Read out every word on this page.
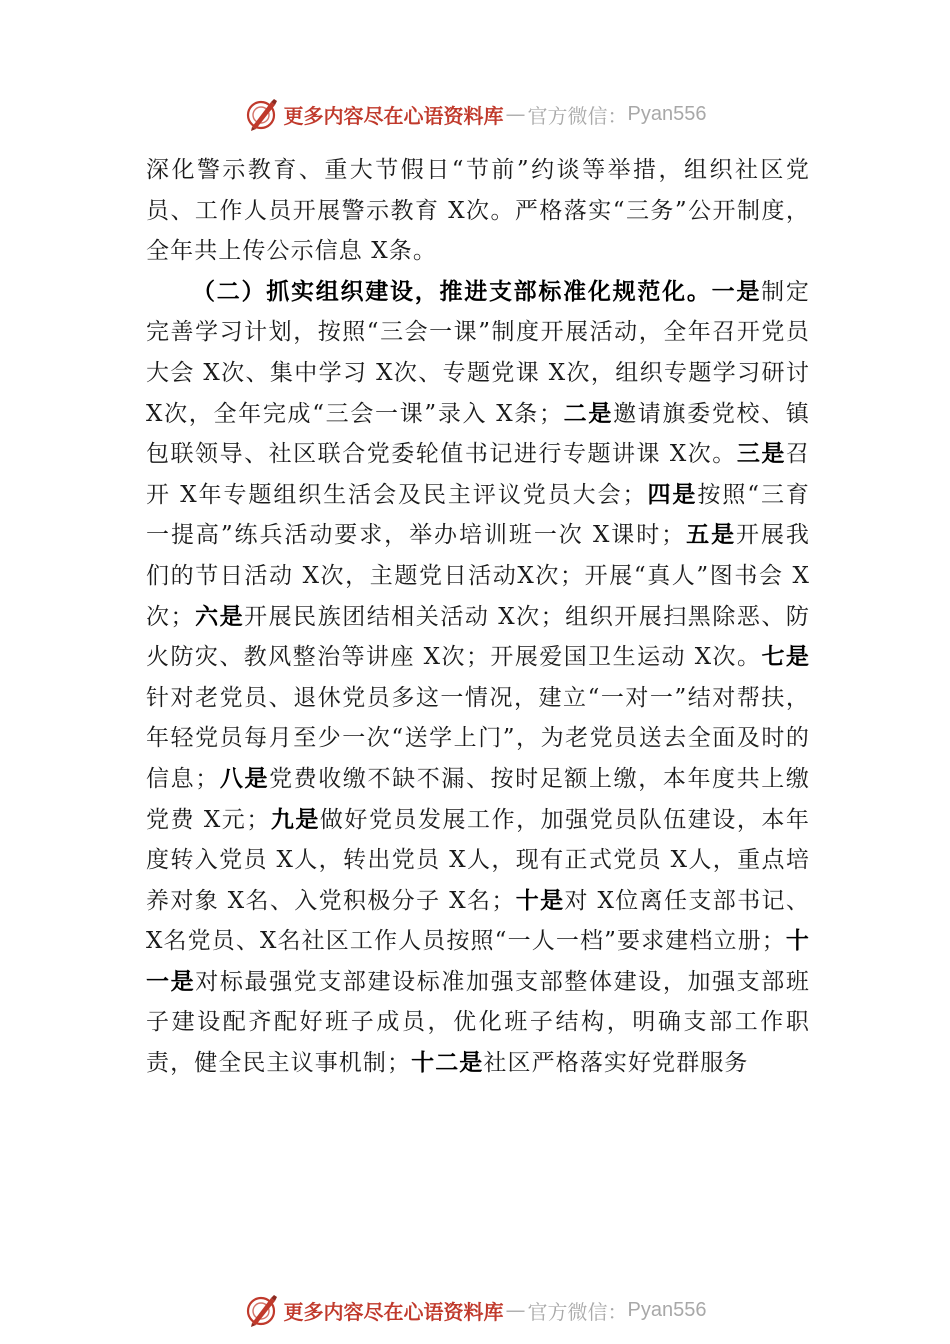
更多内容尽在心语资料库 — 官方微信： Pyan556

深化警示教育、重大节假日“节前”约谈等举措，组织社区党员、工作人员开展警示教育 X次。严格落实“三务”公开制度，全年共上传公示信息 X条。

（二）抓实组织建设，推进支部标准化规范化。一是制定完善学习计划，按照“三会一课”制度开展活动，全年召开党员大会 X次、集中学习 X次、专题党课 X次，组织专题学习研讨 X次，全年完成“三会一课”录入 X条；二是邀请旗委党校、镇包联领导、社区联合党委轮值书记进行专题讲课 X次。三是召开 X年专题组织生活会及民主评议党员大会；四是按照“三育一提高”练兵活动要求，举办培训班一次 X课时；五是开展我们的节日活动 X次，主题党日活动X次；开展“真人”图书会 X次；六是开展民族团结相关活动 X次；组织开展扫黑除恶、防火防灾、教风整治等讲座 X次；开展爱国卫生运动 X次。七是针对老党员、退休党员多这一情况，建立“一对一”结对帮扶，年轻党员每月至少一次“送学上门”，为老党员送去全面及时的信息；八是党费收缴不缺不漏、按时足额上缴，本年度共上缴党费 X元；九是做好党员发展工作，加强党员队伍建设，本年度转入党员 X人，转出党员 X人，现有正式党员 X人，重点培养对象 X名、入党积极分子 X名；十是对 X位离任支部书记、X名党员、X名社区工作人员按照“一人一档”要求建档立册；十一是对标最强党支部建设标准加强支部整体建设，加强支部班子建设配齐配好班子成员，优化班子结构，明确支部工作职责，健全民主议事机制；十二是社区严格落实好党群服务

更多内容尽在心语资料库 — 官方微信： Pyan556
